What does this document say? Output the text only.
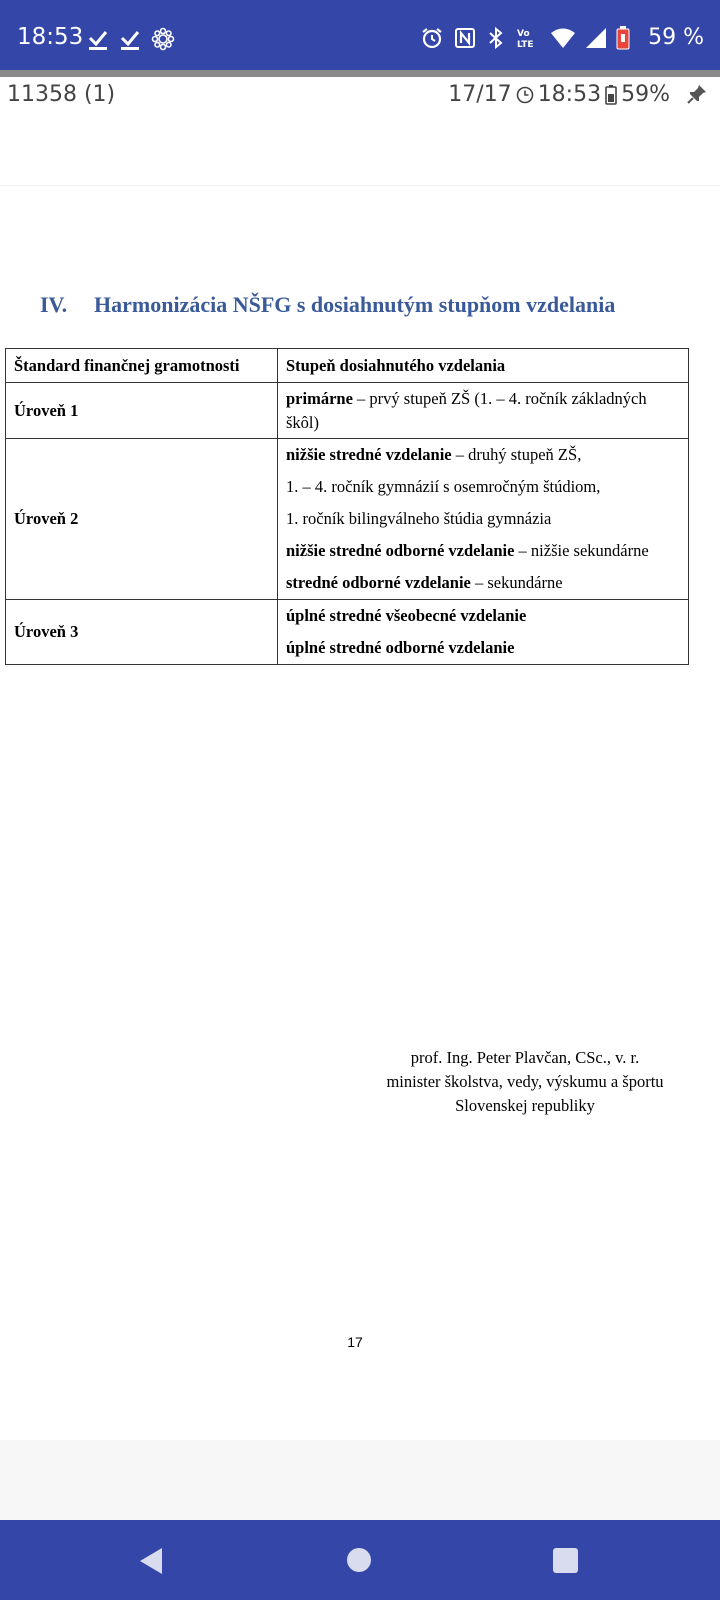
18:53	Vo
LTE	59 %
11358 (1)	17/17 18:53 59%
IV. Harmonizácia NŠFG s dosiahnutým stupňom vzdelania
Štandard finančnej gramotnosti	Stupeň dosiahnutého vzdelania
Úroveň 1	primárne – prvý stupeň ZŠ (1. – 4. ročník základných škôl)

Úroveň 2	nižšie stredné vzdelanie – druhý stupeň ZŠ,
1. – 4. ročník gymnázií s osemročným štúdiom,
1. ročník bilingválneho štúdia gymnázia
nižšie stredné odborné vzdelanie – nižšie sekundárne
stredné odborné vzdelanie – sekundárne

Úroveň 3	úplné stredné všeobecné vzdelanie
úplné stredné odborné vzdelanie
prof. Ing. Peter Plavčan, CSc., v. r.
minister školstva, vedy, výskumu a športu
Slovenskej republiky
17
